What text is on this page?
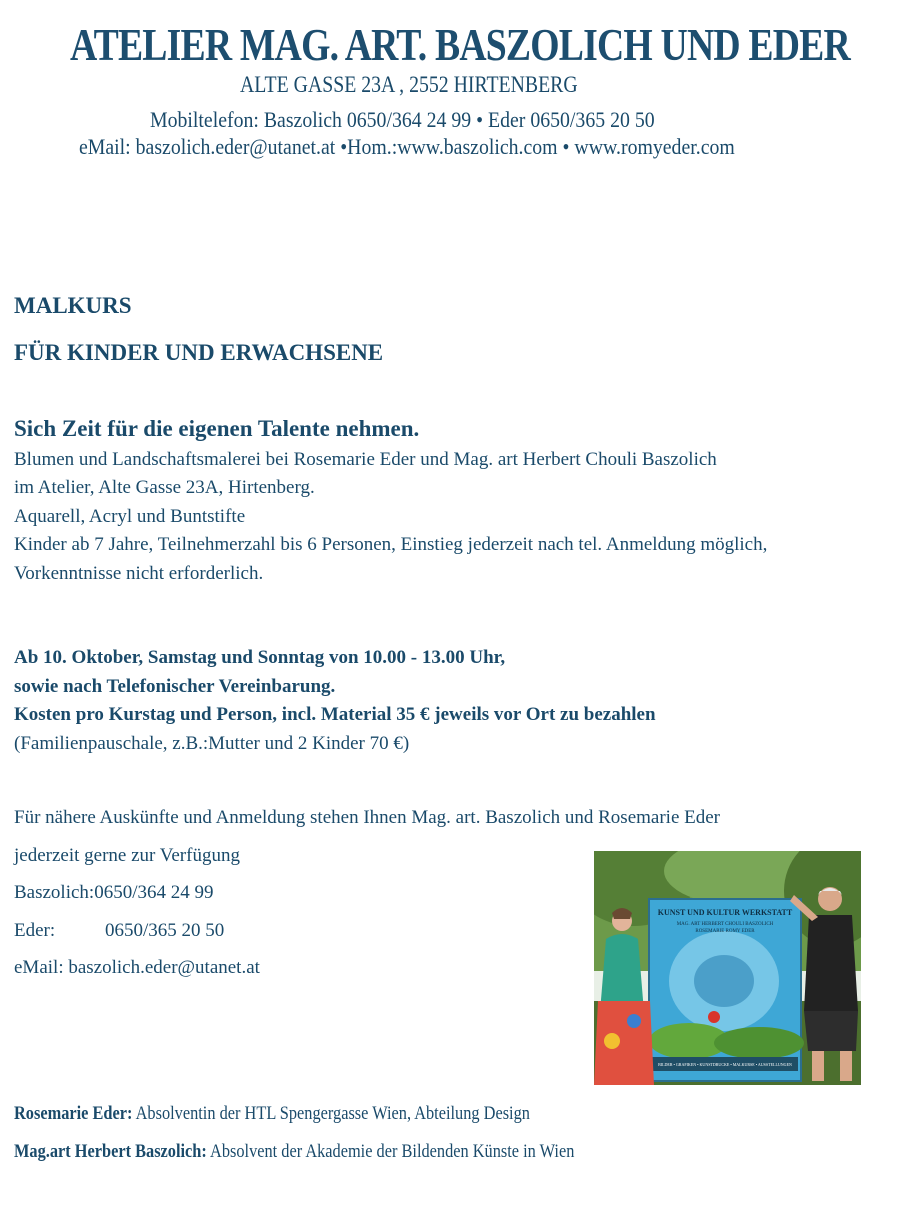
ATELIER MAG. ART. BASZOLICH UND EDER
ALTE GASSE 23A , 2552 HIRTENBERG
Mobiltelefon: Baszolich 0650/364 24 99 • Eder 0650/365 20 50
eMail: baszolich.eder@utanet.at •Hom.:www.baszolich.com • www.romyeder.com
MALKURS
FÜR KINDER UND ERWACHSENE
Sich Zeit für die eigenen Talente nehmen.
Blumen und Landschaftsmalerei bei Rosemarie Eder und Mag. art Herbert Chouli Baszolich
im Atelier, Alte Gasse 23A, Hirtenberg.
Aquarell, Acryl und Buntstifte
Kinder ab 7 Jahre, Teilnehmerzahl bis 6 Personen, Einstieg jederzeit nach tel. Anmeldung möglich,
Vorkenntnisse nicht erforderlich.
Ab 10. Oktober, Samstag und Sonntag von 10.00 - 13.00 Uhr,
sowie nach Telefonischer Vereinbarung.
Kosten pro Kurstag und Person, incl. Material 35 € jeweils vor Ort zu bezahlen
(Familienpauschale, z.B.:Mutter und 2 Kinder 70 €)
Für nähere Auskünfte und Anmeldung stehen Ihnen Mag. art. Baszolich und Rosemarie Eder
jederzeit gerne zur Verfügung
Baszolich:0650/364 24 99
Eder:	0650/365 20 50
eMail: baszolich.eder@utanet.at
KUNST UND KULTUR WERKSTATT
MAG. ART HERBERT CHOULI BASZOLICH
ROSEMARIE ROMY EDER
BILDER • GRAFIKEN • KUNSTDRUCKE • MALKURSE • AUSSTELLUNGEN
Rosemarie Eder: Absolventin der HTL Spengergasse Wien, Abteilung Design
Mag.art Herbert Baszolich: Absolvent der Akademie der Bildenden Künste in Wien
